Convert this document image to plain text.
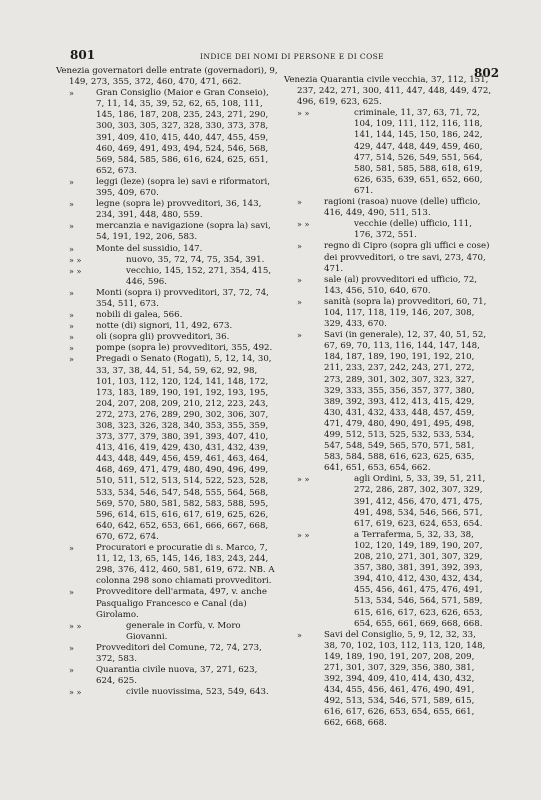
801	INDICE DEI NOMI DI PERSONE E DI COSE
802
Venezia governatori delle entrate (governadori), 9, 149, 273, 355, 372, 460, 470, 471, 662.
»	Gran Consiglio (Maior e Gran Conseio), 7, 11, 14, 35, 39, 52, 62, 65, 108, 111, 145, 186, 187, 208, 235, 243, 271, 290, 300, 303, 305, 327, 328, 330, 373, 378, 391, 409, 410, 415, 440, 447, 455, 459, 460, 469, 491, 493, 494, 524, 546, 568, 569, 584, 585, 586, 616, 624, 625, 651, 652, 673.
»	leggi (leze) (sopra le) savi e riformatori, 395, 409, 670.
»	legne (sopra le) provveditori, 36, 143, 234, 391, 448, 480, 559.
»	mercanzia e navigazione (sopra la) savi, 54, 191, 192, 206, 583.
»	Monte del sussidio, 147.
» »	nuovo, 35, 72, 74, 75, 354, 391.
» »	vecchio, 145, 152, 271, 354, 415, 446, 596.
»	Monti (sopra i) provveditori, 37, 72, 74, 354, 511, 673.
»	nobili di galea, 566.
»	notte (di) signori, 11, 492, 673.
»	oli (sopra gli) provveditori, 36.
»	pompe (sopra le) provveditori, 355, 492.
»	Pregadi o Senato (Rogati), 5, 12, 14, 30, 33, 37, 38, 44, 51, 54, 59, 62, 92, 98, 101, 103, 112, 120, 124, 141, 148, 172, 173, 183, 189, 190, 191, 192, 193, 195, 204, 207, 208, 209, 210, 212, 223, 243, 272, 273, 276, 289, 290, 302, 306, 307, 308, 323, 326, 328, 340, 353, 355, 359, 373, 377, 379, 380, 391, 393, 407, 410, 413, 416, 419, 429, 430, 431, 432, 439, 443, 448, 449, 456, 459, 461, 463, 464, 468, 469, 471, 479, 480, 490, 496, 499, 510, 511, 512, 513, 514, 522, 523, 528, 533, 534, 546, 547, 548, 555, 564, 568, 569, 570, 580, 581, 582, 583, 588, 595, 596, 614, 615, 616, 617, 619, 625, 626, 640, 642, 652, 653, 661, 666, 667, 668, 670, 672, 674.
»	Procuratori e procuratie di s. Marco, 7, 11, 12, 13, 65, 145, 146, 183, 243, 244, 298, 376, 412, 460, 581, 619, 672. NB. A colonna 298 sono chiamati provveditori.
»	Provveditore dell'armata, 497, v. anche Pasqualigo Francesco e Canal (da) Girolamo.
» »	generale in Corfù, v. Moro Giovanni.
»	Provveditori del Comune, 72, 74, 273, 372, 583.
»	Quarantia civile nuova, 37, 271, 623, 624, 625.
» »	civile nuovissima, 523, 549, 643.
Venezia Quarantia civile vecchia, 37, 112, 151, 237, 242, 271, 300, 411, 447, 448, 449, 472, 496, 619, 623, 625.
» »	criminale, 11, 37, 63, 71, 72, 104, 109, 111, 112, 116, 118, 141, 144, 145, 150, 186, 242, 429, 447, 448, 449, 459, 460, 477, 514, 526, 549, 551, 564, 580, 581, 585, 588, 618, 619, 626, 635, 639, 651, 652, 660, 671.
»	ragioni (rasoa) nuove (delle) ufficio, 416, 449, 490, 511, 513.
» »	vecchie (delle) ufficio, 111, 176, 372, 551.
»	regno di Cipro (sopra gli uffici e cose) dei provveditori, o tre savi, 273, 470, 471.
»	sale (al) provveditori ed ufficio, 72, 143, 456, 510, 640, 670.
»	sanità (sopra la) provveditori, 60, 71, 104, 117, 118, 119, 146, 207, 308, 329, 433, 670.
»	Savi (in generale), 12, 37, 40, 51, 52, 67, 69, 70, 113, 116, 144, 147, 148, 184, 187, 189, 190, 191, 192, 210, 211, 233, 237, 242, 243, 271, 272, 273, 289, 301, 302, 307, 323, 327, 329, 333, 355, 356, 357, 377, 380, 389, 392, 393, 412, 413, 415, 429, 430, 431, 432, 433, 448, 457, 459, 471, 479, 480, 490, 491, 495, 498, 499, 512, 513, 525, 532, 533, 534, 547, 548, 549, 565, 570, 571, 581, 583, 584, 588, 616, 623, 625, 635, 641, 651, 653, 654, 662.
» »	agli Ordini, 5, 33, 39, 51, 211, 272, 286, 287, 302, 307, 329, 391, 412, 456, 470, 471, 475, 491, 498, 534, 546, 566, 571, 617, 619, 623, 624, 653, 654.
» »	a Terraferma, 5, 32, 33, 38, 102, 120, 149, 189, 190, 207, 208, 210, 271, 301, 307, 329, 357, 380, 381, 391, 392, 393, 394, 410, 412, 430, 432, 434, 455, 456, 461, 475, 476, 491, 513, 534, 546, 564, 571, 589, 615, 616, 617, 623, 626, 653, 654, 655, 661, 669, 668, 668.
»	Savi del Consiglio, 5, 9, 12, 32, 33, 38, 70, 102, 103, 112, 113, 120, 148, 149, 189, 190, 191, 207, 208, 209, 271, 301, 307, 329, 356, 380, 381, 392, 394, 409, 410, 414, 430, 432, 434, 455, 456, 461, 476, 490, 491, 492, 513, 534, 546, 571, 589, 615, 616, 617, 626, 653, 654, 655, 661, 662, 668, 668.
